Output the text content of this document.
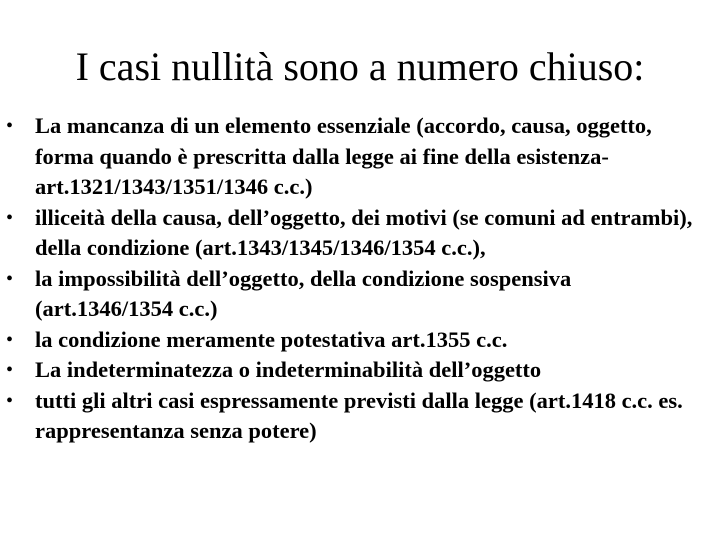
I casi nullità sono a numero chiuso:
• La mancanza di un elemento essenziale (accordo, causa, oggetto, forma quando è prescritta dalla legge ai fine della esistenza- art.1321/1343/1351/1346 c.c.)
• illiceità della causa, dell’oggetto, dei motivi (se comuni ad entrambi), della condizione (art.1343/1345/1346/1354 c.c.),
• la impossibilità dell’oggetto, della condizione sospensiva (art.1346/1354 c.c.)
• la condizione meramente potestativa art.1355 c.c.
• La indeterminatezza o indeterminabilità dell’oggetto
• tutti gli altri casi espressamente previsti dalla legge (art.1418 c.c. es. rappresentanza senza potere)
